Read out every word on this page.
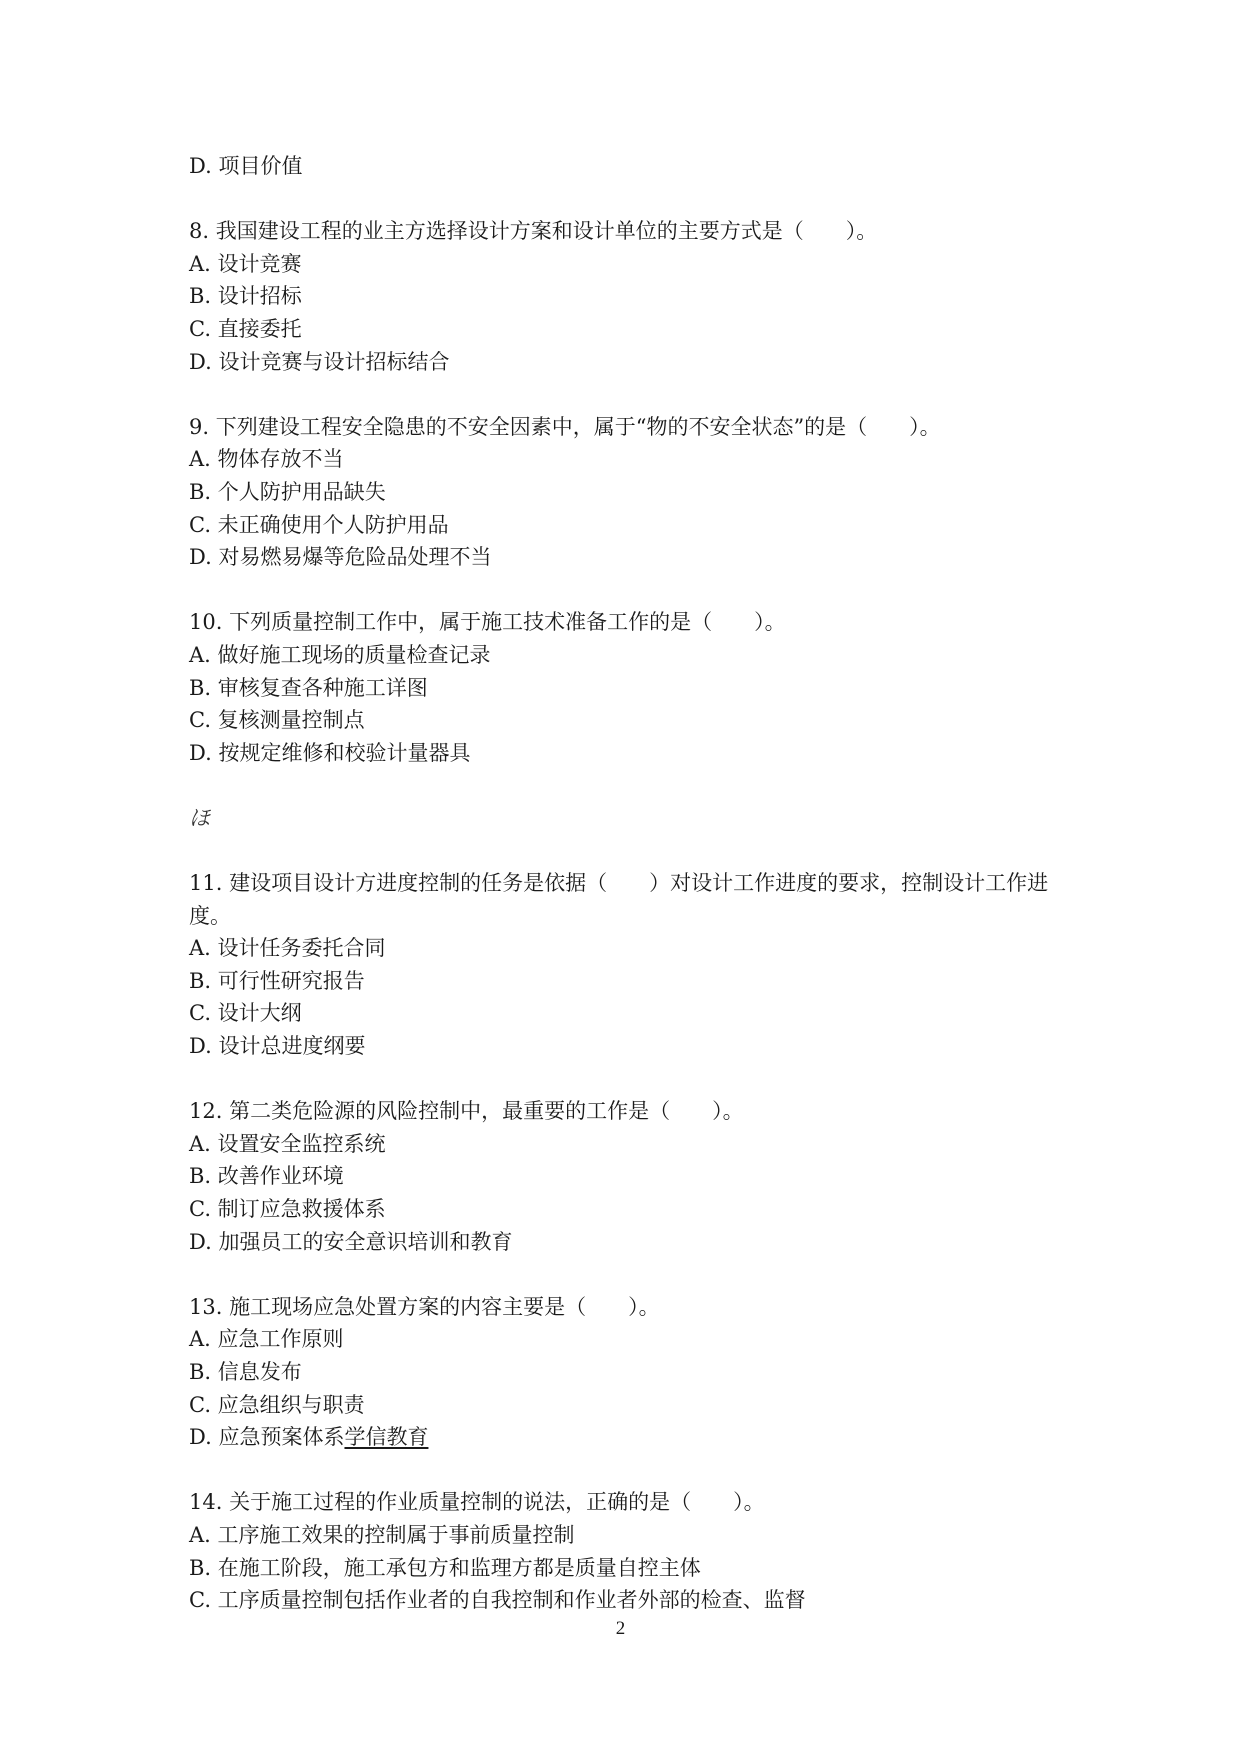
D. 项目价值
8. 我国建设工程的业主方选择设计方案和设计单位的主要方式是（　　）。
A. 设计竞赛
B. 设计招标
C. 直接委托
D. 设计竞赛与设计招标结合
9. 下列建设工程安全隐患的不安全因素中，属于“物的不安全状态”的是（　　）。
A. 物体存放不当
B. 个人防护用品缺失
C. 未正确使用个人防护用品
D. 对易燃易爆等危险品处理不当
10. 下列质量控制工作中，属于施工技术准备工作的是（　　）。
A. 做好施工现场的质量检查记录
B. 审核复查各种施工详图
C. 复核测量控制点
D. 按规定维修和校验计量器具
ほ
11. 建设项目设计方进度控制的任务是依据（　　）对设计工作进度的要求，控制设计工作进度。
A. 设计任务委托合同
B. 可行性研究报告
C. 设计大纲
D. 设计总进度纲要
12. 第二类危险源的风险控制中，最重要的工作是（　　）。
A. 设置安全监控系统
B. 改善作业环境
C. 制订应急救援体系
D. 加强员工的安全意识培训和教育
13. 施工现场应急处置方案的内容主要是（　　）。
A. 应急工作原则
B. 信息发布
C. 应急组织与职责
D. 应急预案体系学信教育
14. 关于施工过程的作业质量控制的说法，正确的是（　　）。
A. 工序施工效果的控制属于事前质量控制
B. 在施工阶段，施工承包方和监理方都是质量自控主体
C. 工序质量控制包括作业者的自我控制和作业者外部的检查、监督
2
